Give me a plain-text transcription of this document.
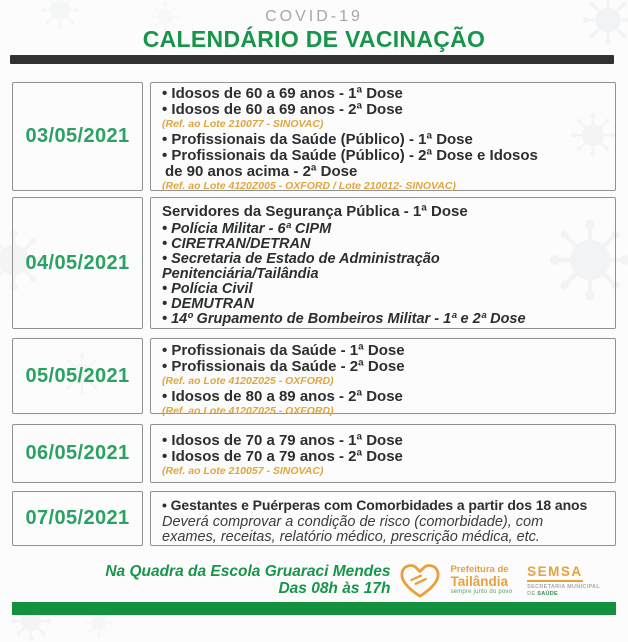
COVID-19
CALENDÁRIO DE VACINAÇÃO
03/05/2021
• Idosos de 60 a 69 anos - 1ª Dose
• Idosos de 60 a 69 anos - 2ª Dose
(Ref. ao Lote 210077 - SINOVAC)
• Profissionais da Saúde (Público) - 1ª Dose
• Profissionais da Saúde (Público) - 2ª Dose e Idosos
de 90 anos acima - 2ª Dose
(Ref. ao Lote 4120Z005 - OXFORD / Lote 210012- SINOVAC)
04/05/2021
Servidores da Segurança Pública - 1ª Dose
• Polícia Militar - 6ª CIPM
• CIRETRAN/DETRAN
• Secretaria de Estado de Administração
Penitenciária/Tailândia
• Polícia Civil
• DEMUTRAN
• 14º Grupamento de Bombeiros Militar - 1ª e 2ª Dose
05/05/2021
• Profissionais da Saúde - 1ª Dose
• Profissionais da Saúde - 2ª Dose
(Ref. ao Lote 4120Z025 - OXFORD)
• Idosos de 80 a 89 anos - 2ª Dose
(Ref. ao Lote 4120Z025 - OXFORD)
06/05/2021
• Idosos de 70 a 79 anos - 1ª Dose
• Idosos de 70 a 79 anos - 2ª Dose
(Ref. ao Lote 210057 - SINOVAC)
07/05/2021
• Gestantes e Puérperas com Comorbidades a partir dos 18 anos
Deverá comprovar a condição de risco (comorbidade), com
exames, receitas, relatório médico, prescrição médica, etc.
Na Quadra da Escola Gruaraci Mendes
Das 08h às 17h
Prefeitura de
Tailândia
sempre junto do povo
SEMSA
SECRETARIA MUNICIPAL
DE SAÚDE
